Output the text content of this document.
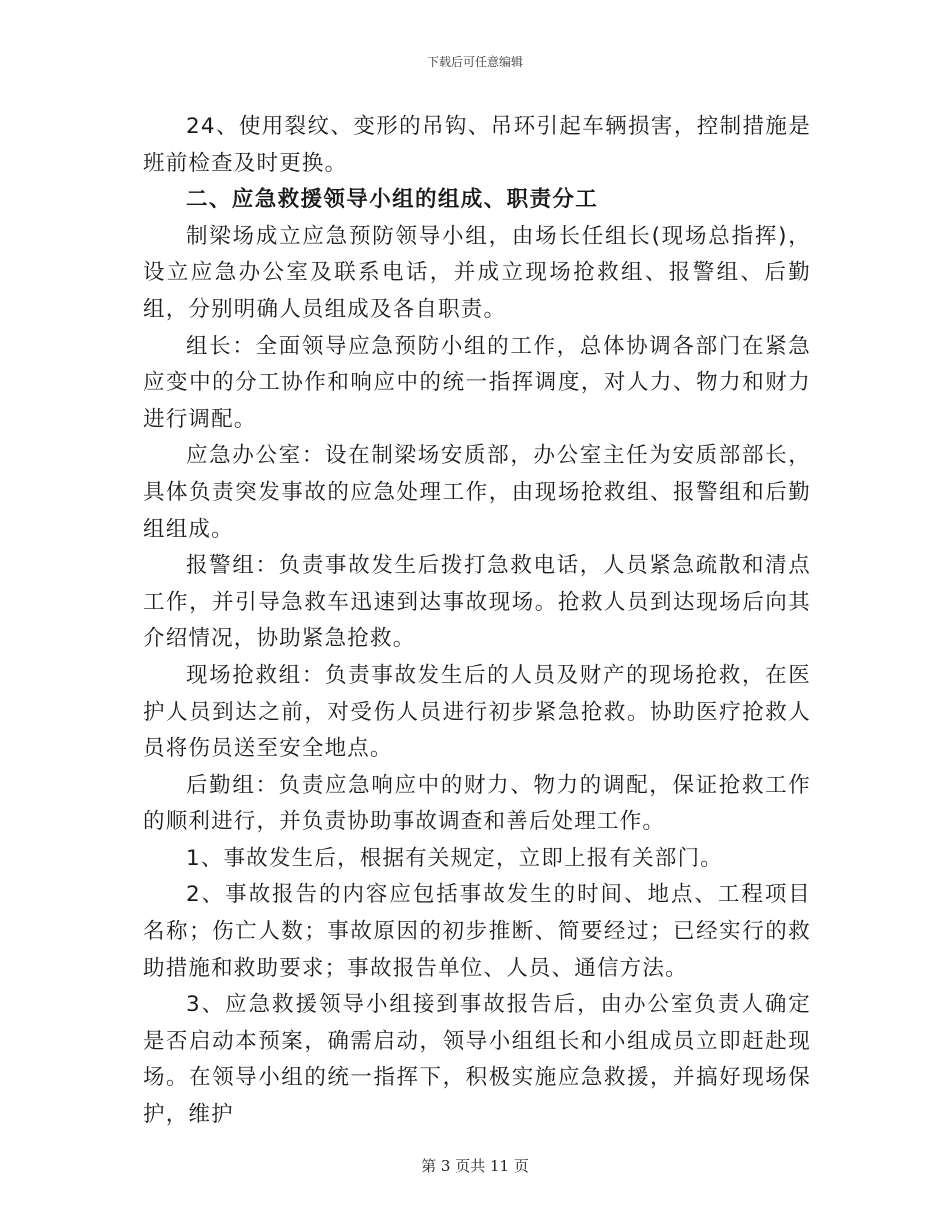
下载后可任意编辑

24、使用裂纹、变形的吊钩、吊环引起车辆损害，控制措施是班前检查及时更换。

二、应急救援领导小组的组成、职责分工

制梁场成立应急预防领导小组，由场长任组长(现场总指挥)，设立应急办公室及联系电话，并成立现场抢救组、报警组、后勤组，分别明确人员组成及各自职责。

组长：全面领导应急预防小组的工作，总体协调各部门在紧急应变中的分工协作和响应中的统一指挥调度，对人力、物力和财力进行调配。

应急办公室：设在制梁场安质部，办公室主任为安质部部长，具体负责突发事故的应急处理工作，由现场抢救组、报警组和后勤组组成。

报警组：负责事故发生后拨打急救电话，人员紧急疏散和清点工作，并引导急救车迅速到达事故现场。抢救人员到达现场后向其介绍情况，协助紧急抢救。

现场抢救组：负责事故发生后的人员及财产的现场抢救，在医护人员到达之前，对受伤人员进行初步紧急抢救。协助医疗抢救人员将伤员送至安全地点。

后勤组：负责应急响应中的财力、物力的调配，保证抢救工作的顺利进行，并负责协助事故调查和善后处理工作。

1、事故发生后，根据有关规定，立即上报有关部门。

2、事故报告的内容应包括事故发生的时间、地点、工程项目名称；伤亡人数；事故原因的初步推断、简要经过；已经实行的救助措施和救助要求；事故报告单位、人员、通信方法。

3、应急救援领导小组接到事故报告后，由办公室负责人确定是否启动本预案，确需启动，领导小组组长和小组成员立即赶赴现场。在领导小组的统一指挥下，积极实施应急救援，并搞好现场保护，维护

第 3 页共 11 页
